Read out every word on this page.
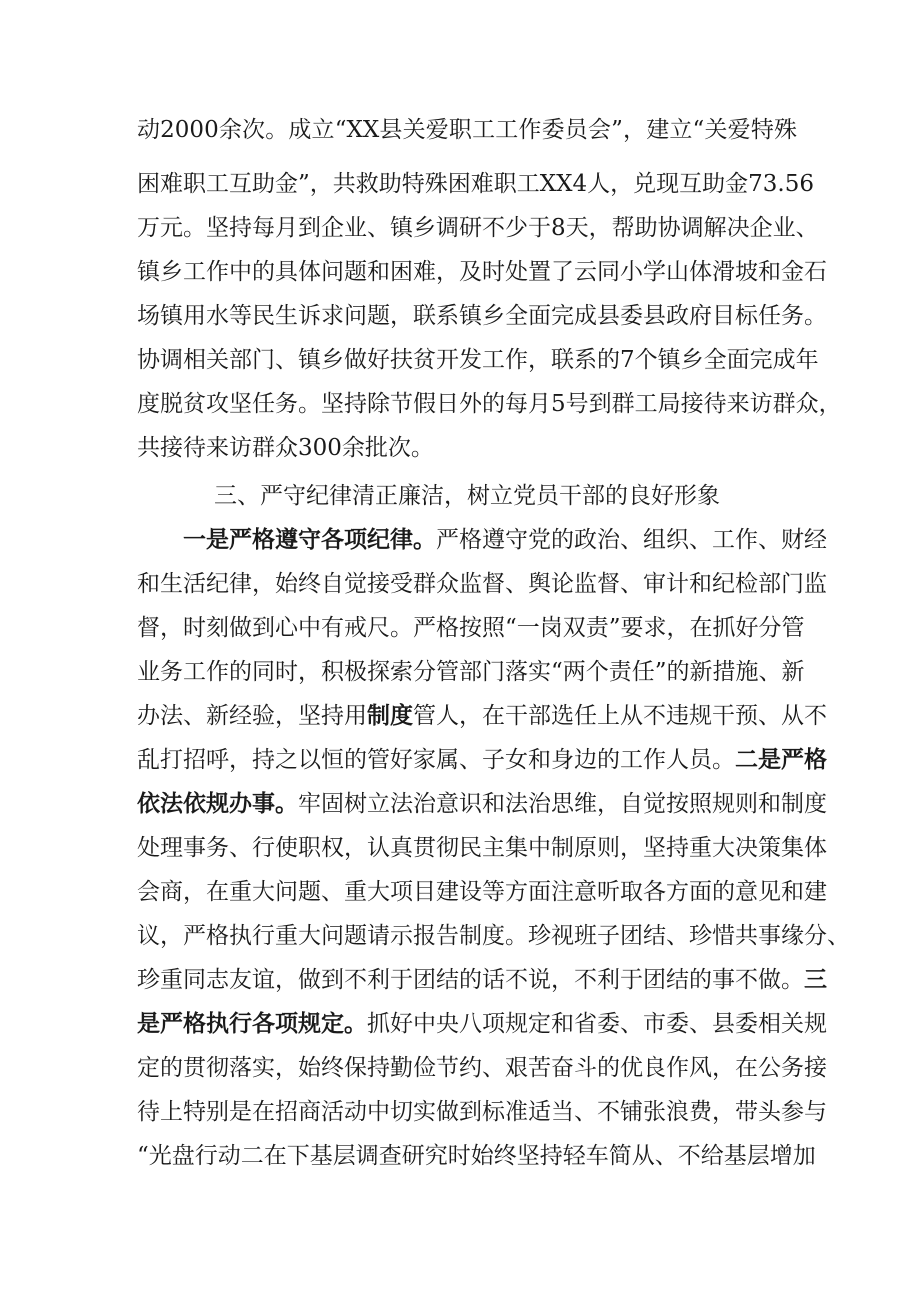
动2000余次。成立“XX县关爱职工工作委员会”，建立“关爱特殊
困难职工互助金”，共救助特殊困难职工XX4人，兑现互助金73.56
万元。坚持每月到企业、镇乡调研不少于8天，帮助协调解决企业、
镇乡工作中的具体问题和困难，及时处置了云同小学山体滑坡和金石
场镇用水等民生诉求问题，联系镇乡全面完成县委县政府目标任务。
协调相关部门、镇乡做好扶贫开发工作，联系的7个镇乡全面完成年
度脱贫攻坚任务。坚持除节假日外的每月5号到群工局接待来访群众，
共接待来访群众300余批次。
三、严守纪律清正廉洁，树立党员干部的良好形象
一是严格遵守各项纪律。严格遵守党的政治、组织、工作、财经
和生活纪律，始终自觉接受群众监督、舆论监督、审计和纪检部门监
督，时刻做到心中有戒尺。严格按照“一岗双责”要求，在抓好分管
业务工作的同时，积极探索分管部门落实“两个责任”的新措施、新
办法、新经验，坚持用制度管人，在干部选任上从不违规干预、从不
乱打招呼，持之以恒的管好家属、子女和身边的工作人员。二是严格
依法依规办事。牢固树立法治意识和法治思维，自觉按照规则和制度
处理事务、行使职权，认真贯彻民主集中制原则，坚持重大决策集体
会商，在重大问题、重大项目建设等方面注意听取各方面的意见和建
议，严格执行重大问题请示报告制度。珍视班子团结、珍惜共事缘分、
珍重同志友谊，做到不利于团结的话不说，不利于团结的事不做。三
是严格执行各项规定。抓好中央八项规定和省委、市委、县委相关规
定的贯彻落实，始终保持勤俭节约、艰苦奋斗的优良作风，在公务接
待上特别是在招商活动中切实做到标准适当、不铺张浪费，带头参与
“光盘行动二在下基层调查研究时始终坚持轻车简从、不给基层增加
